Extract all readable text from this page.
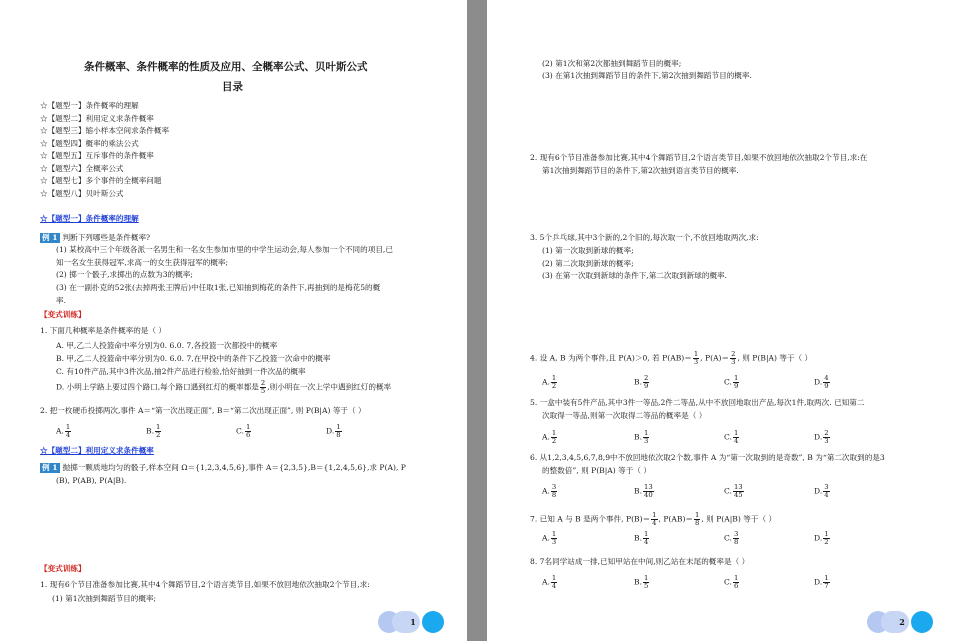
条件概率、条件概率的性质及应用、全概率公式、贝叶斯公式
目录
☆【题型一】条件概率的理解
☆【题型二】利用定义求条件概率
☆【题型三】缩小样本空间求条件概率
☆【题型四】概率的乘法公式
☆【题型五】互斥事件的条件概率
☆【题型六】全概率公式
☆【题型七】多个事件的全概率问题
☆【题型八】贝叶斯公式
☆【题型一】条件概率的理解
例 1 判断下列哪些是条件概率?
(1) 某校高中三个年级各派一名男生和一名女生参加市里的中学生运动会,每人参加一个不同的项目,已
知一名女生获得冠军,求高一的女生获得冠军的概率;
(2) 掷一个骰子,求掷出的点数为3的概率;
(3) 在一副扑克的52张(去掉两张王牌后)中任取1张,已知抽到梅花的条件下,再抽到的是梅花5的概
率.
【变式训练】
1. 下面几种概率是条件概率的是（ ）
A. 甲,乙二人投篮命中率分别为0. 6.0. 7,各投篮一次都投中的概率
B. 甲,乙二人投篮命中率分别为0. 6.0. 7,在甲投中的条件下乙投篮一次命中的概率
C. 有10件产品,其中3件次品,抽2件产品进行检验,恰好抽到一件次品的概率
D. 小明上学路上要过四个路口,每个路口遇到红灯的概率都是 $\frac{2}{5}$ ,则小明在一次上学中遇到红灯的概率
2. 把一枚硬币投掷两次,事件 A＝“第一次出现正面”, B＝“第二次出现正面”, 则 P(B|A) 等于（ ）
A. $\frac{1}{4}$	B. $\frac{1}{2}$	C. $\frac{1}{6}$	D. $\frac{1}{8}$
☆【题型二】利用定义求条件概率
例 1 抛掷一颗质地均匀的骰子,样本空间 Ω＝{1,2,3,4,5,6},事件 A＝{2,3,5},B＝{1,2,4,5,6},求 P(A), P
(B), P(AB), P(A|B).
【变式训练】
1. 现有6个节目准备参加比赛,其中4个舞蹈节目,2个语言类节目,如果不放回地依次抽取2个节目,求:
(1) 第1次抽到舞蹈节目的概率;
1
(2) 第1次和第2次都抽到舞蹈节目的概率;
(3) 在第1次抽到舞蹈节目的条件下,第2次抽到舞蹈节目的概率.
2. 现有6个节目准备参加比赛,其中4个舞蹈节目,2个语言类节目,如果不放回地依次抽取2个节目,求:在
第1次抽到舞蹈节目的条件下,第2次抽到语言类节目的概率.
3. 5个乒乓球,其中3个新的,2个旧的,每次取一个,不放回地取两次,求:
(1) 第一次取到新球的概率;
(2) 第二次取到新球的概率;
(3) 在第一次取到新球的条件下,第二次取到新球的概率.
4. 设 A, B 为两个事件,且 P(A)＞0, 若 $P(AB)= \frac{1}{3}$ , $P(A)= \frac{2}{3}$ , 则 P(B|A) 等于（ ）
A. $\frac{1}{2}$	B. $\frac{2}{9}$	C. $\frac{1}{9}$	D. $\frac{4}{9}$
5. 一盒中装有5件产品,其中3件一等品,2件二等品,从中不放回地取出产品,每次1件,取两次. 已知第二
次取得一等品,则第一次取得二等品的概率是（ ）
A. $\frac{1}{2}$	B. $\frac{1}{3}$	C. $\frac{1}{4}$	D. $\frac{2}{3}$
6. 从1,2,3,4,5,6,7,8,9中不放回地依次取2个数,事件 A 为“第一次取到的是奇数”, B 为“第二次取到的是3
的整数倍”, 则 P(B|A) 等于（ ）
A. $\frac{3}{8}$	B. $\frac{13}{40}$	C. $\frac{13}{45}$	D. $\frac{3}{4}$
7. 已知 A 与 B 是两个事件, $P(B)= \frac{1}{4}$ , $P(AB)= \frac{1}{8}$ , 则 P(A|B) 等于（ ）
A. $\frac{1}{3}$	B. $\frac{1}{4}$	C. $\frac{3}{8}$	D. $\frac{1}{2}$
8. 7名同学站成一排,已知甲站在中间,则乙站在末尾的概率是（ ）
A. $\frac{1}{4}$	B. $\frac{1}{5}$	C. $\frac{1}{6}$	D. $\frac{1}{7}$
2
